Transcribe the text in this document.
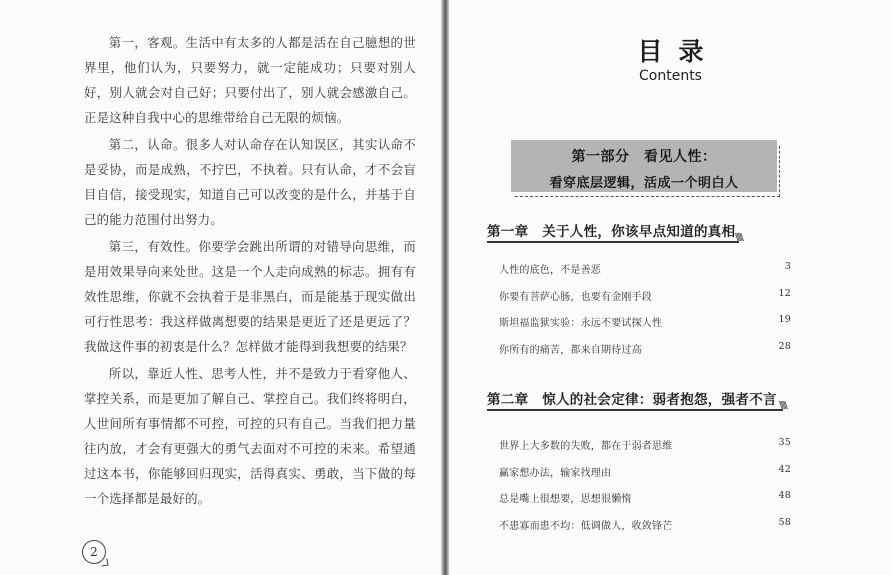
第一，客观。生活中有太多的人都是活在自己臆想的世界里，他们认为，只要努力，就一定能成功；只要对别人好，别人就会对自己好；只要付出了，别人就会感激自己。正是这种自我中心的思维带给自己无限的烦恼。

第二，认命。很多人对认命存在认知误区，其实认命不是妥协，而是成熟，不拧巴，不执着。只有认命，才不会盲目自信，接受现实，知道自己可以改变的是什么，并基于自己的能力范围付出努力。

第三，有效性。你要学会跳出所谓的对错导向思维，而是用效果导向来处世。这是一个人走向成熟的标志。拥有有效性思维，你就不会执着于是非黑白，而是能基于现实做出可行性思考：我这样做离想要的结果是更近了还是更远了？我做这件事的初衷是什么？怎样做才能得到我想要的结果？

所以，靠近人性、思考人性，并不是致力于看穿他人、掌控关系，而是更加了解自己、掌控自己。我们终将明白，人世间所有事情都不可控，可控的只有自己。当我们把力量往内放，才会有更强大的勇气去面对不可控的未来。希望通过这本书，你能够回归现实，活得真实、勇敢，当下做的每一个选择都是最好的。

2
目录
Contents
第一部分　看见人性：
看穿底层逻辑，活成一个明白人
第一章　关于人性，你该早点知道的真相 \\\\\
人性的底色，不是善恶	3
你要有菩萨心肠，也要有金刚手段	12
斯坦福监狱实验：永远不要试探人性	19
你所有的痛苦，都来自期待过高	28
第二章　惊人的社会定律：弱者抱怨，强者不言 \\\\\
世界上大多数的失败，都在于弱者思维	35
赢家想办法，输家找理由	42
总是嘴上很想要，思想很懒惰	48
不患寡而患不均：低调做人，收敛锋芒	58
